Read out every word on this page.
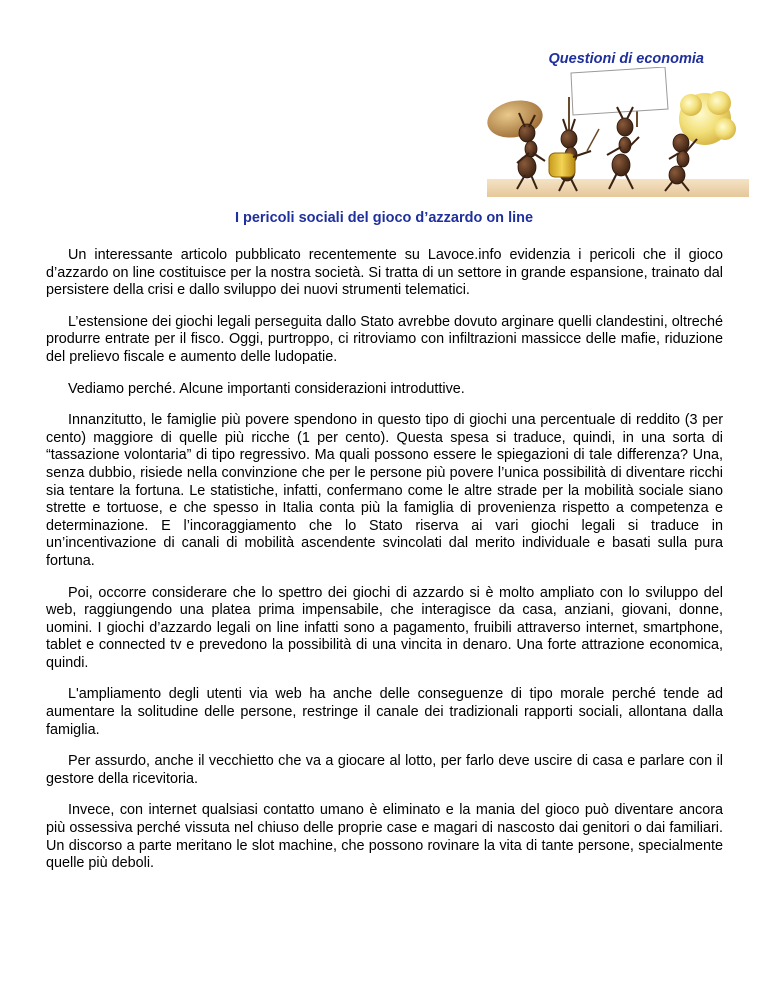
Questioni di economia
I pericoli sociali del gioco d’azzardo on line

Un interessante articolo pubblicato recentemente su Lavoce.info evidenzia i pericoli che il gioco d’azzardo on line costituisce per la nostra società. Si tratta di un settore in grande espansione, trainato dal persistere della crisi e dallo sviluppo dei nuovi strumenti telematici.

L’estensione dei giochi legali perseguita dallo Stato avrebbe dovuto arginare quelli clandestini, oltreché produrre entrate per il fisco. Oggi, purtroppo, ci ritroviamo con infiltrazioni massicce delle mafie, riduzione del prelievo fiscale e aumento delle ludopatie.

Vediamo perché. Alcune importanti considerazioni introduttive.

Innanzitutto, le famiglie più povere spendono in questo tipo di giochi una percentuale di reddito (3 per cento) maggiore di quelle più ricche (1 per cento). Questa spesa si traduce, quindi, in una sorta di “tassazione volontaria” di tipo regressivo. Ma quali possono essere le spiegazioni di tale differenza? Una, senza dubbio, risiede nella convinzione che per le persone più povere l’unica possibilità di diventare ricchi sia tentare la fortuna. Le statistiche, infatti, confermano come le altre strade per la mobilità sociale siano strette e tortuose, e che spesso in Italia conta più la famiglia di provenienza rispetto a competenza e determinazione. E l’incoraggiamento che lo Stato riserva ai vari giochi legali si traduce in un’incentivazione di canali di mobilità ascendente svincolati dal merito individuale e basati sulla pura fortuna.

Poi, occorre considerare che lo spettro dei giochi di azzardo si è molto ampliato con lo sviluppo del web, raggiungendo una platea prima impensabile, che interagisce da casa, anziani, giovani, donne, uomini. I giochi d’azzardo legali on line infatti sono a pagamento, fruibili attraverso internet, smartphone, tablet e connected tv e prevedono la possibilità di una vincita in denaro. Una forte attrazione economica, quindi.

L'ampliamento degli utenti via web ha anche delle conseguenze di tipo morale perché tende ad aumentare la solitudine delle persone, restringe il canale dei tradizionali rapporti sociali, allontana dalla famiglia.

Per assurdo, anche il vecchietto che va a giocare al lotto, per farlo deve uscire di casa e parlare con il gestore della ricevitoria.

Invece, con internet qualsiasi contatto umano è eliminato e la mania del gioco può diventare ancora più ossessiva perché vissuta nel chiuso delle proprie case e magari di nascosto dai genitori o dai familiari. Un discorso a parte meritano le slot machine, che possono rovinare la vita di tante persone, specialmente quelle più deboli.
